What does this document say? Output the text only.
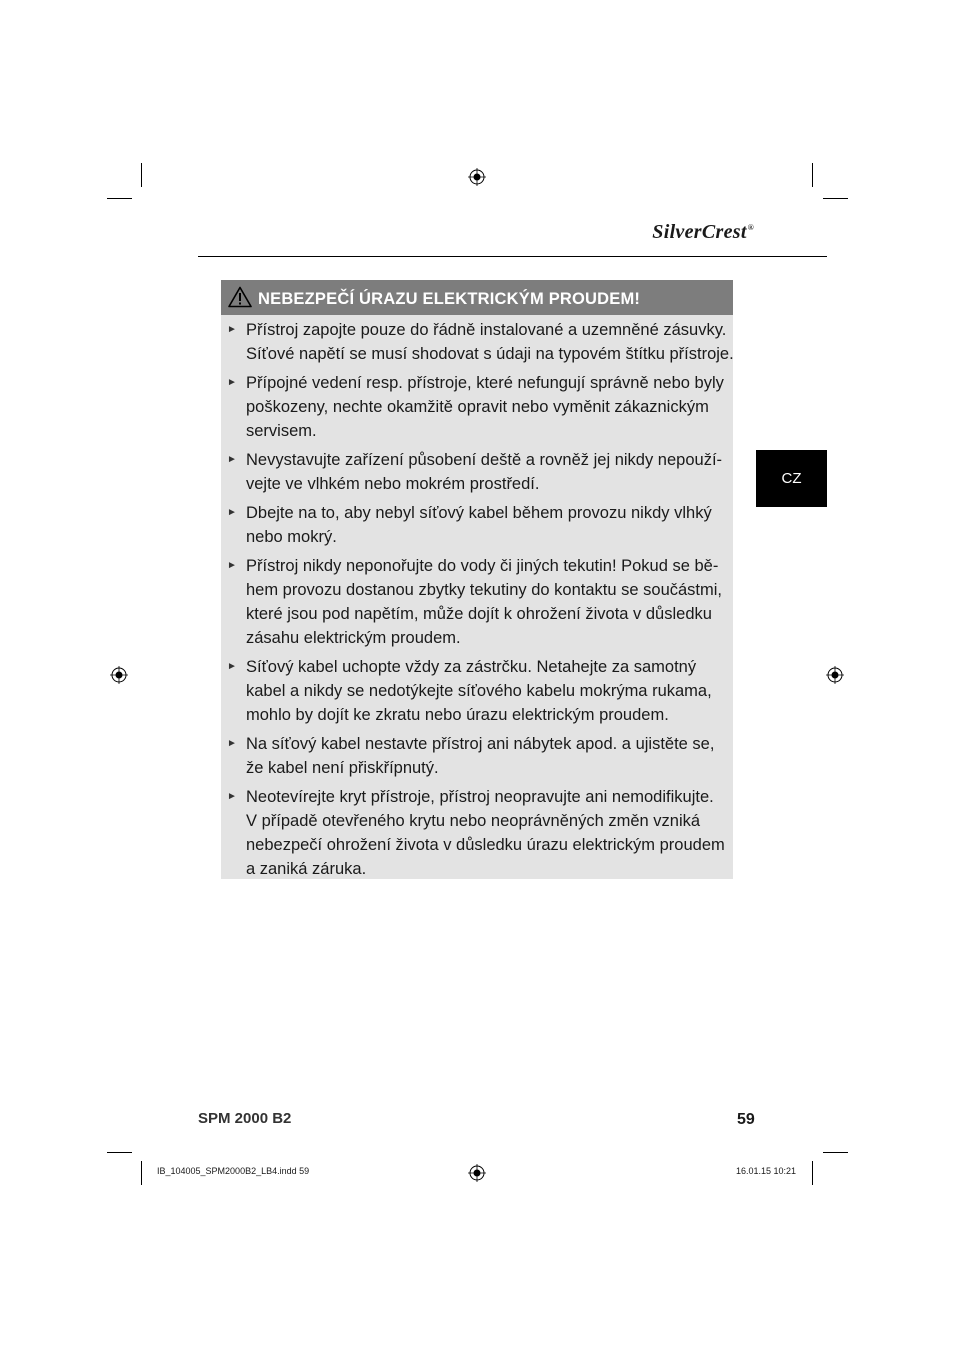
SilverCrest®
NEBEZPEČÍ ÚRAZU ELEKTRICKÝM PROUDEM!
► Přístroj zapojte pouze do řádně instalované a uzemněné zásuvky.
Síťové napětí se musí shodovat s údaji na typovém štítku přístroje.
► Přípojné vedení resp. přístroje, které nefungují správně nebo byly
poškozeny, nechte okamžitě opravit nebo vyměnit zákaznickým
servisem.
► Nevystavujte zařízení působení deště a rovněž jej nikdy nepouží-
vejte ve vlhkém nebo mokrém prostředí.
► Dbejte na to, aby nebyl síťový kabel během provozu nikdy vlhký
nebo mokrý.
► Přístroj nikdy neponořujte do vody či jiných tekutin! Pokud se bě-
hem provozu dostanou zbytky tekutiny do kontaktu se součástmi,
které jsou pod napětím, může dojít k ohrožení života v důsledku
zásahu elektrickým proudem.
► Síťový kabel uchopte vždy za zástrčku. Netahejte za samotný
kabel a nikdy se nedotýkejte síťového kabelu mokrýma rukama,
mohlo by dojít ke zkratu nebo úrazu elektrickým proudem.
► Na síťový kabel nestavte přístroj ani nábytek apod. a ujistěte se,
že kabel není přiskřípnutý.
► Neotevírejte kryt přístroje, přístroj neopravujte ani nemodifikujte.
V případě otevřeného krytu nebo neoprávněných změn vzniká
nebezpečí ohrožení života v důsledku úrazu elektrickým proudem
a zaniká záruka.
CZ
SPM 2000 B2	59
IB_104005_SPM2000B2_LB4.indd 59	16.01.15 10:21
